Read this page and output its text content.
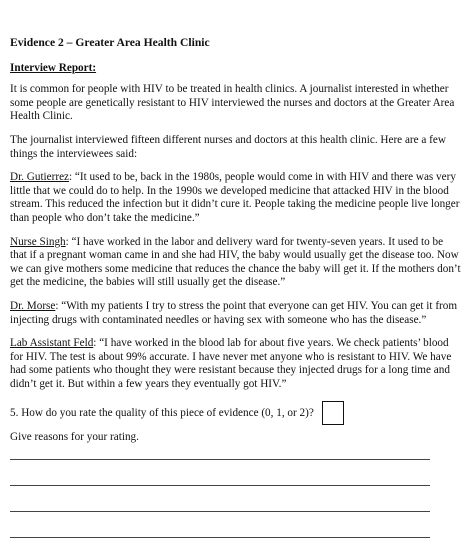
Evidence 2 – Greater Area Health Clinic
Interview Report:

It is common for people with HIV to be treated in health clinics. A journalist interested in whether some people are genetically resistant to HIV interviewed the nurses and doctors at the Greater Area Health Clinic.

The journalist interviewed fifteen different nurses and doctors at this health clinic. Here are a few things the interviewees said:

Dr. Gutierrez: “It used to be, back in the 1980s, people would come in with HIV and there was very little that we could do to help. In the 1990s we developed medicine that attacked HIV in the blood stream. This reduced the infection but it didn’t cure it. People taking the medicine people live longer than people who don’t take the medicine.”

Nurse Singh: “I have worked in the labor and delivery ward for twenty-seven years. It used to be that if a pregnant woman came in and she had HIV, the baby would usually get the disease too. Now we can give mothers some medicine that reduces the chance the baby will get it. If the mothers don’t get the medicine, the babies will still usually get the disease.”

Dr. Morse: “With my patients I try to stress the point that everyone can get HIV. You can get it from injecting drugs with contaminated needles or having sex with someone who has the disease.”

Lab Assistant Feld: “I have worked in the blood lab for about five years. We check patients’ blood for HIV. The test is about 99% accurate. I have never met anyone who is resistant to HIV. We have had some patients who thought they were resistant because they injected drugs for a long time and didn’t get it. But within a few years they eventually got HIV.”

5. How do you rate the quality of this piece of evidence (0, 1, or 2)?
Give reasons for your rating.
